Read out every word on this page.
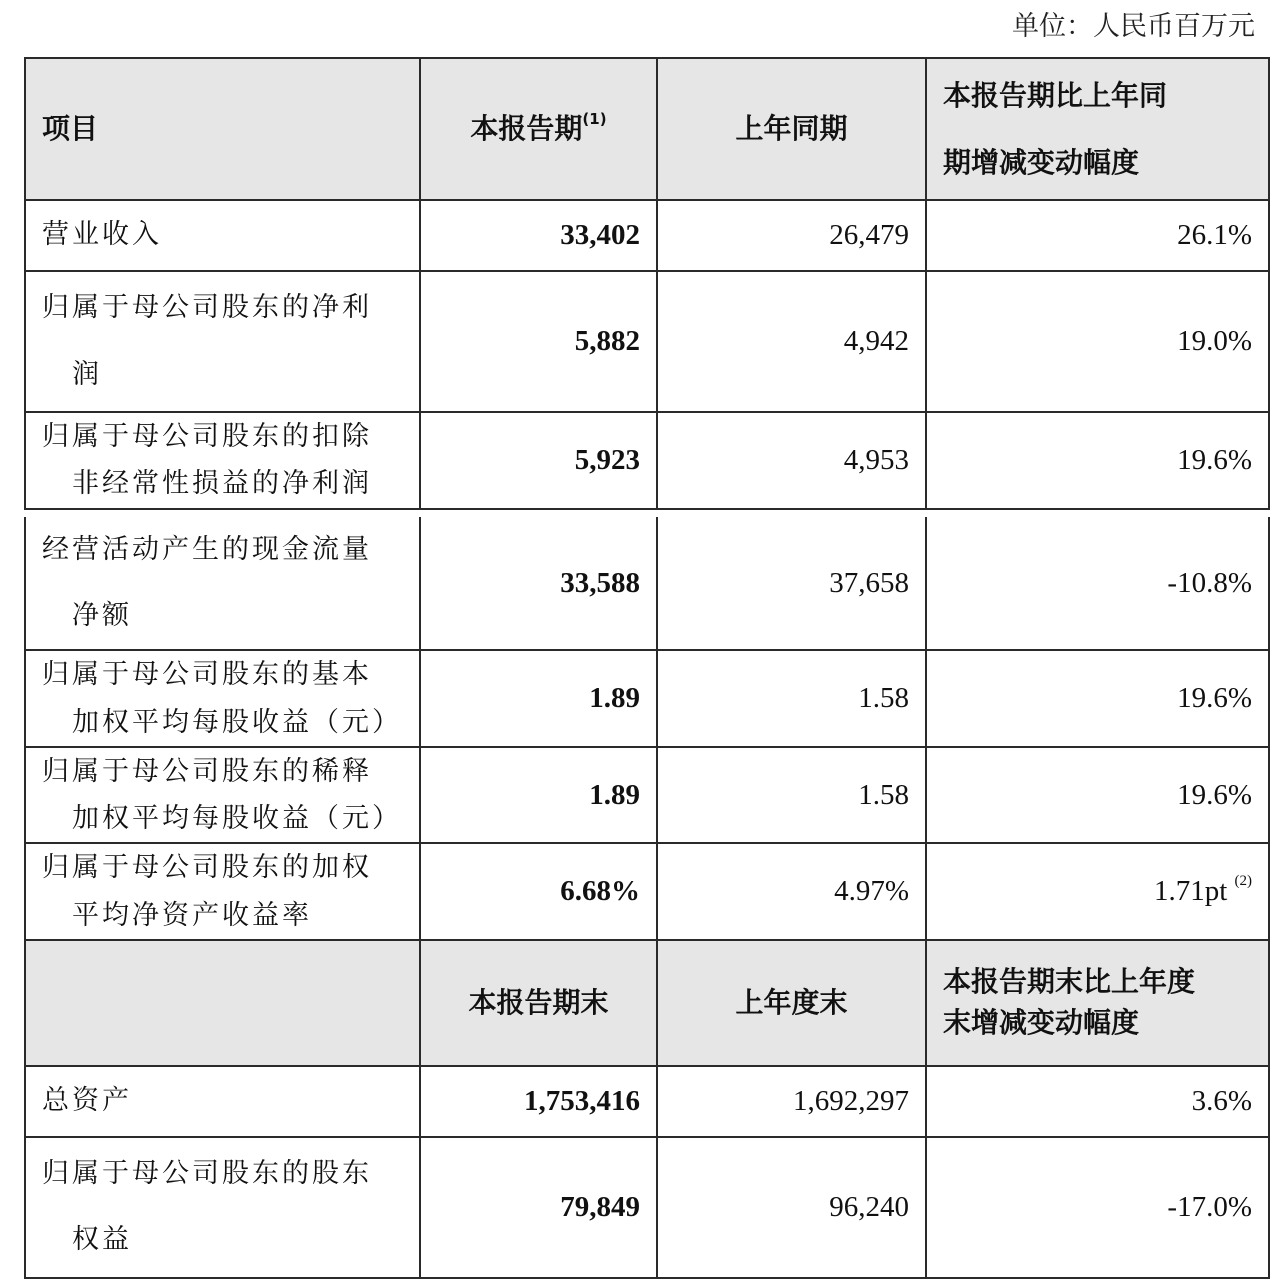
单位：人民币百万元
项目	本报告期$^{(1)}$	上年同期	本报告期比上年同
期增减变动幅度

营业收入	33,402	26,479	26.1%
归属于母公司股东的净利
润	5,882	4,942	19.0%
归属于母公司股东的扣除
非经常性损益的净利润	5,923	4,953	19.6%
经营活动产生的现金流量
净额	33,588	37,658	-10.8%
归属于母公司股东的基本
加权平均每股收益（元）	1.89	1.58	19.6%
归属于母公司股东的稀释
加权平均每股收益（元）	1.89	1.58	19.6%
归属于母公司股东的加权
平均净资产收益率	6.68%	4.97%	1.71pt $^{(2)}$
	本报告期末	上年度末	本报告期末比上年度
末增减变动幅度

总资产	1,753,416	1,692,297	3.6%
归属于母公司股东的股东
权益	79,849	96,240	-17.0%
